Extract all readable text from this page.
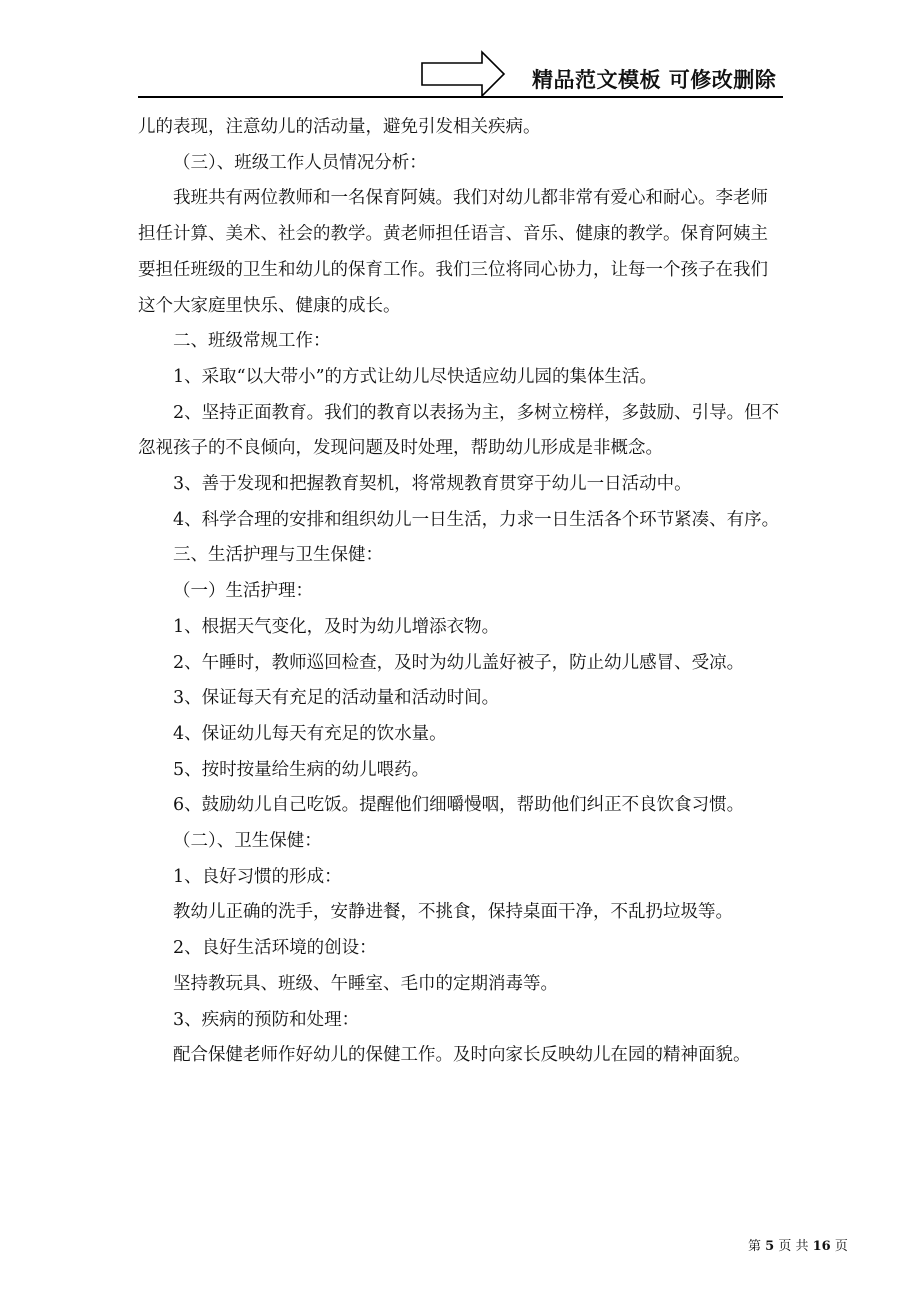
精品范文模板 可修改删除

儿的表现，注意幼儿的活动量，避免引发相关疾病。

（三）、班级工作人员情况分析：

我班共有两位教师和一名保育阿姨。我们对幼儿都非常有爱心和耐心。李老师担任计算、美术、社会的教学。黄老师担任语言、音乐、健康的教学。保育阿姨主要担任班级的卫生和幼儿的保育工作。我们三位将同心协力，让每一个孩子在我们这个大家庭里快乐、健康的成长。

二、班级常规工作：

1、采取“以大带小”的方式让幼儿尽快适应幼儿园的集体生活。

2、坚持正面教育。我们的教育以表扬为主，多树立榜样，多鼓励、引导。但不忽视孩子的不良倾向，发现问题及时处理，帮助幼儿形成是非概念。

3、善于发现和把握教育契机，将常规教育贯穿于幼儿一日活动中。

4、科学合理的安排和组织幼儿一日生活，力求一日生活各个环节紧凑、有序。

三、生活护理与卫生保健：

（一）生活护理：

1、根据天气变化，及时为幼儿增添衣物。

2、午睡时，教师巡回检查，及时为幼儿盖好被子，防止幼儿感冒、受凉。

3、保证每天有充足的活动量和活动时间。

4、保证幼儿每天有充足的饮水量。

5、按时按量给生病的幼儿喂药。

6、鼓励幼儿自己吃饭。提醒他们细嚼慢咽，帮助他们纠正不良饮食习惯。

（二）、卫生保健：

1、良好习惯的形成：

教幼儿正确的洗手，安静进餐，不挑食，保持桌面干净，不乱扔垃圾等。

2、良好生活环境的创设：

坚持教玩具、班级、午睡室、毛巾的定期消毒等。

3、疾病的预防和处理：

配合保健老师作好幼儿的保健工作。及时向家长反映幼儿在园的精神面貌。

第 5 页 共 16 页
